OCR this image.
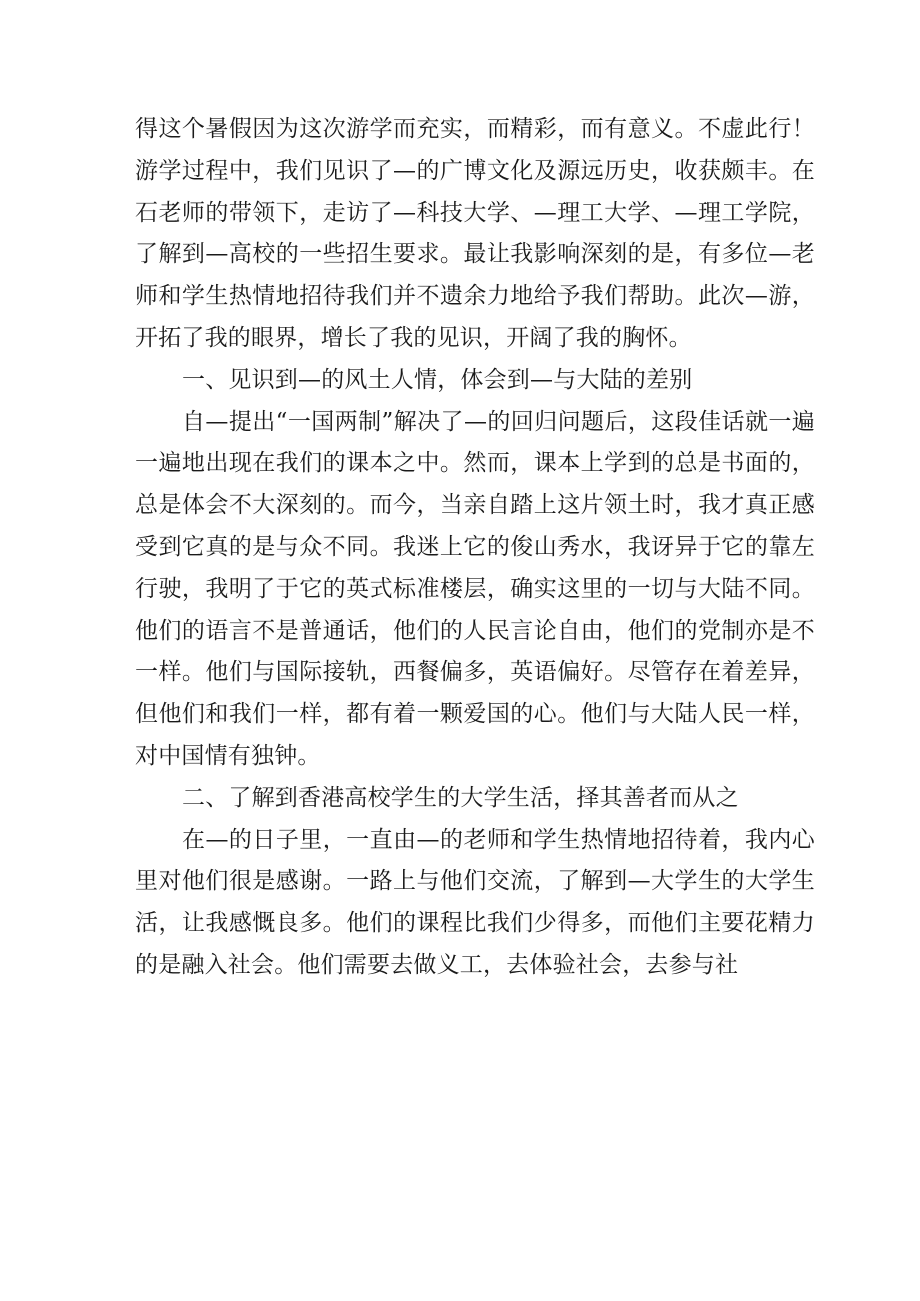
得这个暑假因为这次游学而充实，而精彩，而有意义。不虚此行！游学过程中，我们见识了—的广博文化及源远历史，收获颇丰。在石老师的带领下，走访了—科技大学、—理工大学、—理工学院，了解到—高校的一些招生要求。最让我影响深刻的是，有多位—老师和学生热情地招待我们并不遗余力地给予我们帮助。此次—游，开拓了我的眼界，增长了我的见识，开阔了我的胸怀。

一、见识到—的风土人情，体会到—与大陆的差别

自—提出“一国两制”解决了—的回归问题后，这段佳话就一遍一遍地出现在我们的课本之中。然而，课本上学到的总是书面的，总是体会不大深刻的。而今，当亲自踏上这片领土时，我才真正感受到它真的是与众不同。我迷上它的俊山秀水，我讶异于它的靠左行驶，我明了于它的英式标准楼层，确实这里的一切与大陆不同。他们的语言不是普通话，他们的人民言论自由，他们的党制亦是不一样。他们与国际接轨，西餐偏多，英语偏好。尽管存在着差异，但他们和我们一样，都有着一颗爱国的心。他们与大陆人民一样，对中国情有独钟。

二、了解到香港高校学生的大学生活，择其善者而从之

在—的日子里，一直由—的老师和学生热情地招待着，我内心里对他们很是感谢。一路上与他们交流，了解到—大学生的大学生活，让我感慨良多。他们的课程比我们少得多，而他们主要花精力的是融入社会。他们需要去做义工，去体验社会，去参与社
